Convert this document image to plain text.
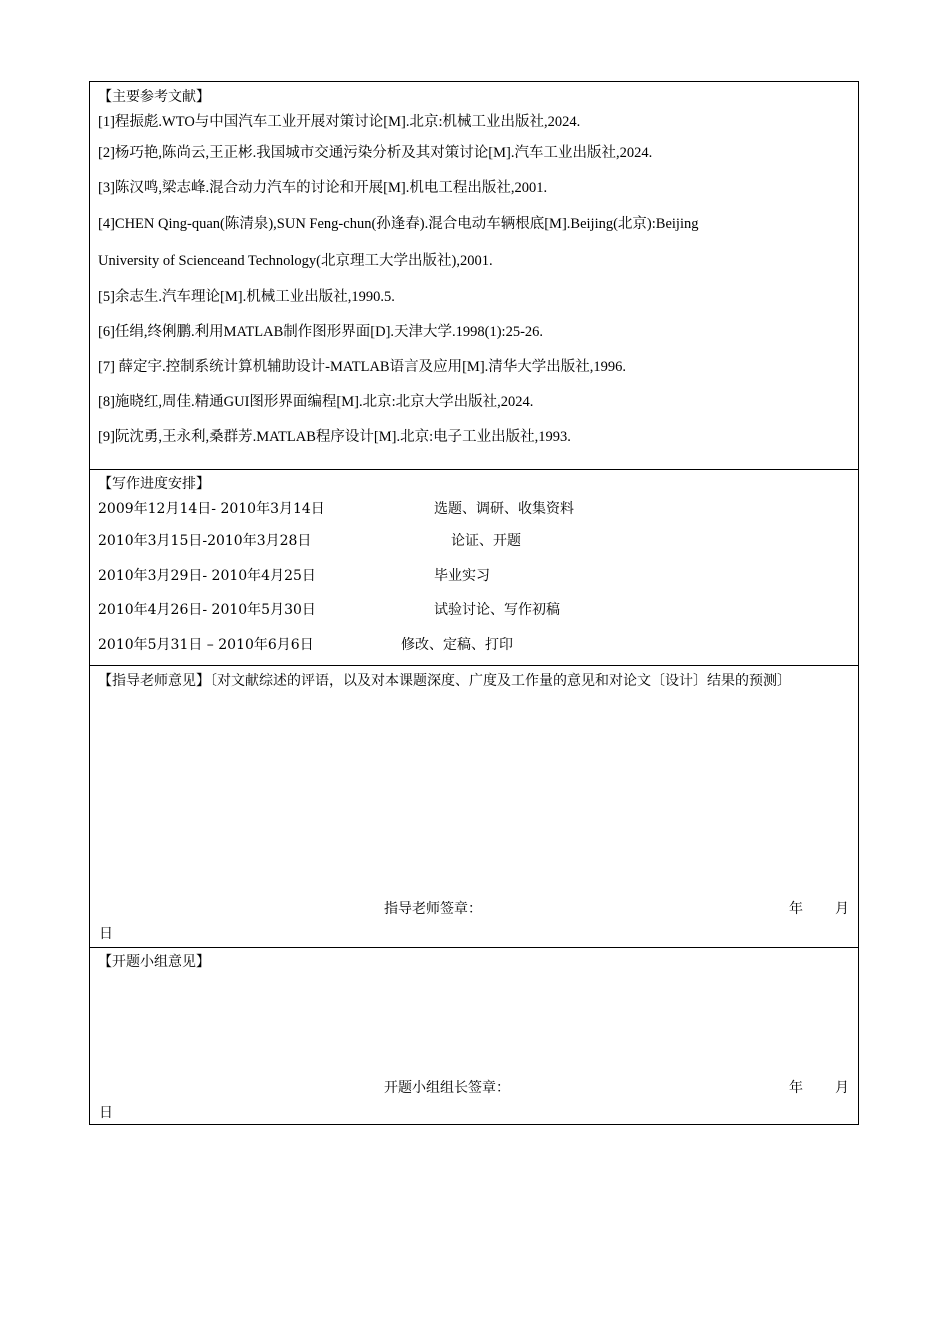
【主要参考文献】
[1]程振彪.WTO与中国汽车工业开展对策讨论[M].北京:机械工业出版社,2024.
[2]杨巧艳,陈尚云,王正彬.我国城市交通污染分析及其对策讨论[M].汽车工业出版社,2024.
[3]陈汉鸣,梁志峰.混合动力汽车的讨论和开展[M].机电工程出版社,2001.
[4]CHEN Qing-quan(陈清泉),SUN Feng-chun(孙逢春).混合电动车辆根底[M].Beijing(北京):Beijing
University of Scienceand Technology(北京理工大学出版社),2001.
[5]余志生.汽车理论[M].机械工业出版社,1990.5.
[6]任绢,终俐鹏.利用MATLAB制作图形界面[D].天津大学.1998(1):25-26.
[7] 薛定宇.控制系统计算机辅助设计-MATLAB语言及应用[M].清华大学出版社,1996.
[8]施晓红,周佳.精通GUI图形界面编程[M].北京:北京大学出版社,2024.
[9]阮沈勇,王永利,桑群芳.MATLAB程序设计[M].北京:电子工业出版社,1993.
【写作进度安排】
2009年12月14日- 2010年3月14日	选题、调研、收集资料
2010年3月15日-2010年3月28日	论证、开题
2010年3月29日- 2010年4月25日	毕业实习
2010年4月26日- 2010年5月30日	试验讨论、写作初稿
2010年5月31日 – 2010年6月6日	修改、定稿、打印
【指导老师意见】〔对文献综述的评语，以及对本课题深度、广度及工作量的意见和对论文〔设计〕结果的预测〕
指导老师签章：	年 月
日
【开题小组意见】
开题小组组长签章：	年 月
日
